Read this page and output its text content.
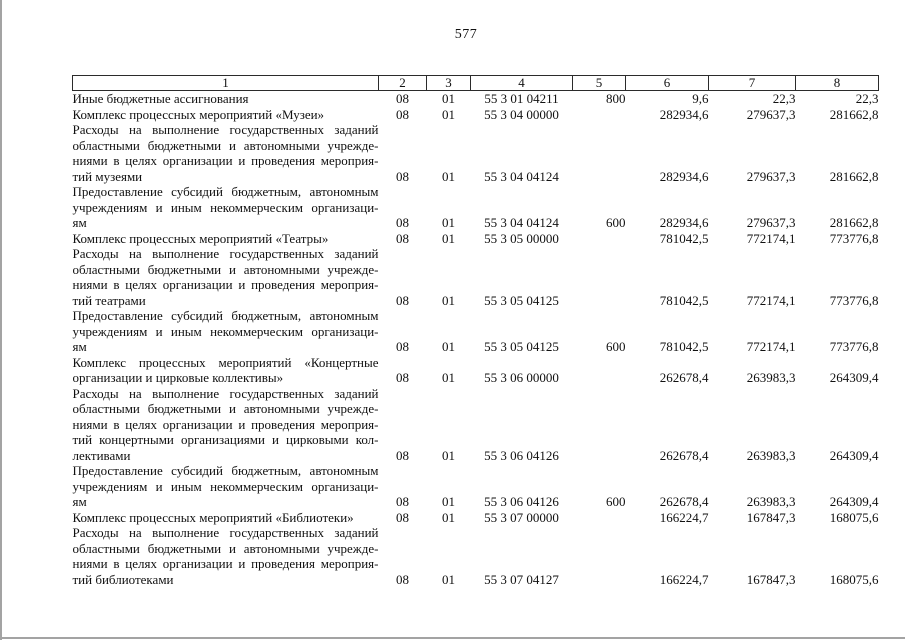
577
1	2	3	4	5	6	7	8

Иные бюджетные ассигнования	08	01	55 3 01 04211	800	9,6	22,3	22,3

Комплекс процессных мероприятий «Музеи»	08	01	55 3 04 00000		282934,6	279637,3	281662,8

Расходы на выполнение государственных заданий
областными бюджетными и автономными учрежде-
ниями в целях организации и проведения мероприя-
тий музеями	08	01	55 3 04 04124		282934,6	279637,3	281662,8

Предоставление субсидий бюджетным, автономным
учреждениям и иным некоммерческим организаци-
ям	08	01	55 3 04 04124	600	282934,6	279637,3	281662,8

Комплекс процессных мероприятий «Театры»	08	01	55 3 05 00000		781042,5	772174,1	773776,8

Расходы на выполнение государственных заданий
областными бюджетными и автономными учрежде-
ниями в целях организации и проведения мероприя-
тий театрами	08	01	55 3 05 04125		781042,5	772174,1	773776,8

Предоставление субсидий бюджетным, автономным
учреждениям и иным некоммерческим организаци-
ям	08	01	55 3 05 04125	600	781042,5	772174,1	773776,8

Комплекс процессных мероприятий «Концертные
организации и цирковые коллективы»	08	01	55 3 06 00000		262678,4	263983,3	264309,4

Расходы на выполнение государственных заданий
областными бюджетными и автономными учрежде-
ниями в целях организации и проведения мероприя-
тий концертными организациями и цирковыми кол-
лективами	08	01	55 3 06 04126		262678,4	263983,3	264309,4

Предоставление субсидий бюджетным, автономным
учреждениям и иным некоммерческим организаци-
ям	08	01	55 3 06 04126	600	262678,4	263983,3	264309,4

Комплекс процессных мероприятий «Библиотеки»	08	01	55 3 07 00000		166224,7	167847,3	168075,6

Расходы на выполнение государственных заданий
областными бюджетными и автономными учрежде-
ниями в целях организации и проведения мероприя-
тий библиотеками	08	01	55 3 07 04127		166224,7	167847,3	168075,6
